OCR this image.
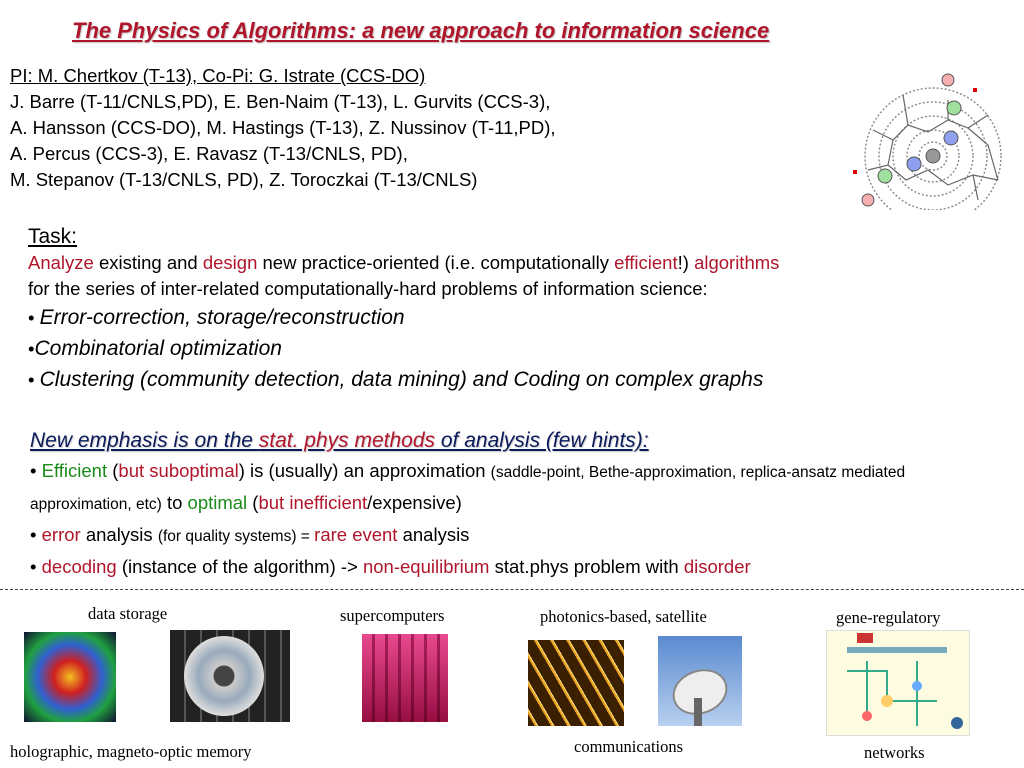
The Physics of Algorithms: a new approach to information science
PI: M. Chertkov (T-13), Co-Pi: G. Istrate (CCS-DO)
J. Barre (T-11/CNLS,PD), E. Ben-Naim (T-13), L. Gurvits (CCS-3),
A. Hansson (CCS-DO), M. Hastings (T-13), Z. Nussinov (T-11,PD),
A. Percus (CCS-3), E. Ravasz (T-13/CNLS, PD),
M. Stepanov (T-13/CNLS, PD), Z. Toroczkai (T-13/CNLS)
Task:
Analyze existing and design new practice-oriented (i.e. computationally efficient!) algorithms
for the series of inter-related computationally-hard problems of information science:
• Error-correction, storage/reconstruction
•Combinatorial optimization
• Clustering (community detection, data mining) and Coding on complex graphs
New emphasis is on the stat. phys methods of analysis (few hints):
• Efficient (but suboptimal) is (usually) an approximation (saddle-point, Bethe-approximation, replica-ansatz mediated approximation, etc) to optimal (but inefficient/expensive)
• error analysis (for quality systems) = rare event analysis
• decoding (instance of the algorithm) -> non-equilibrium stat.phys problem with disorder
data storage	supercomputers	photonics-based, satellite	gene-regulatory
holographic, magneto-optic memory	communications	networks
